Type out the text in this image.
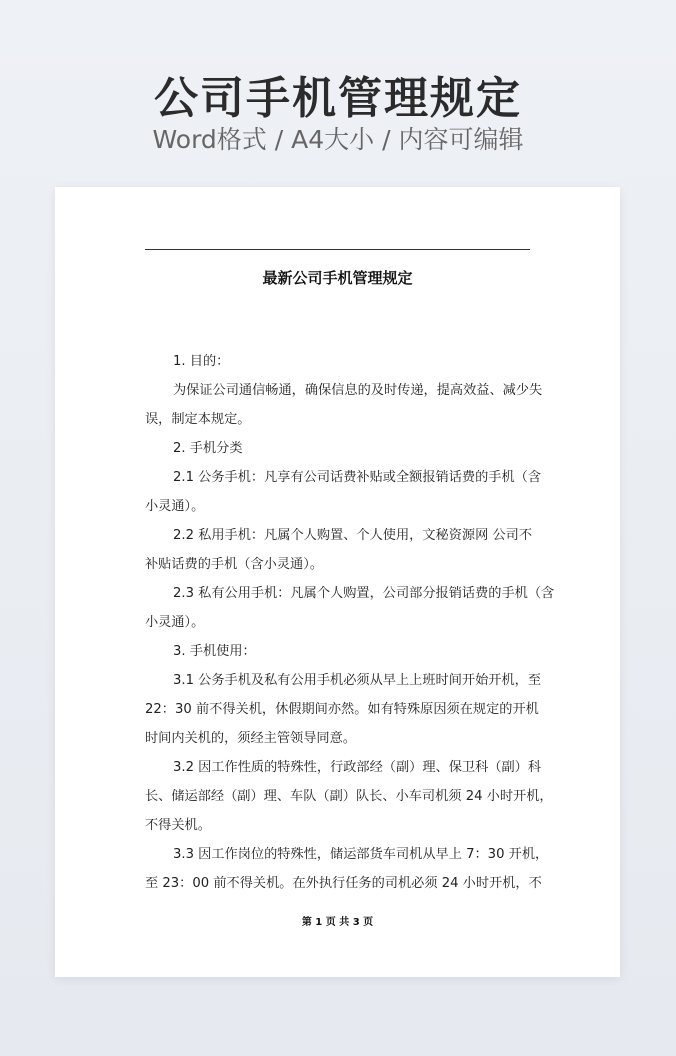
公司手机管理规定
Word格式 / A4大小 / 内容可编辑
最新公司手机管理规定
1. 目的：
为保证公司通信畅通，确保信息的及时传递，提高效益、减少失
误，制定本规定。
2. 手机分类
2.1 公务手机：凡享有公司话费补贴或全额报销话费的手机（含
小灵通）。
2.2 私用手机：凡属个人购置、个人使用，文秘资源网 公司不
补贴话费的手机（含小灵通）。
2.3 私有公用手机：凡属个人购置，公司部分报销话费的手机（含
小灵通）。
3. 手机使用：
3.1 公务手机及私有公用手机必须从早上上班时间开始开机，至
22：30 前不得关机，休假期间亦然。如有特殊原因须在规定的开机
时间内关机的，须经主管领导同意。
3.2 因工作性质的特殊性，行政部经（副）理、保卫科（副）科
长、储运部经（副）理、车队（副）队长、小车司机须 24 小时开机，
不得关机。
3.3 因工作岗位的特殊性，储运部货车司机从早上 7：30 开机，
至 23：00 前不得关机。在外执行任务的司机必须 24 小时开机，不
第 1 页 共 3 页
